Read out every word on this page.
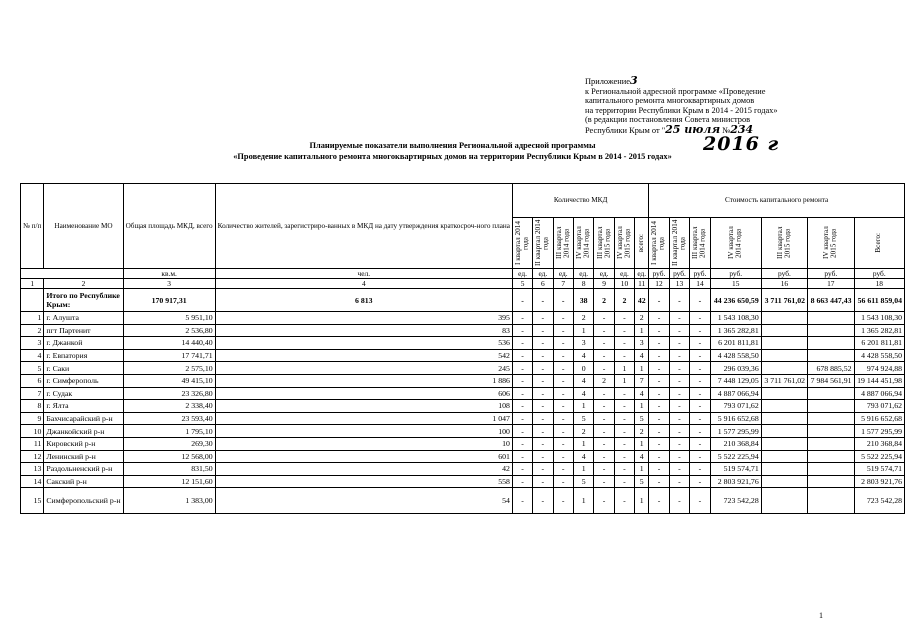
Приложение3
к Региональной адресной программе «Проведение
капитального ремонта многоквартирных домов
на территории Республики Крым в 2014 - 2015 годах»
(в редакции постановления Совета министров
Республики Крым от "25 июля №234
2016 г
Планируемые показатели выполнения Региональной адресной программы
«Проведение капитального ремонта многоквартирных домов на территории Республики Крым в 2014 - 2015 годах»
№ п/п	Наименование МО	Общая площадь МКД, всего	Количество жителей, зарегистриро-ванных в МКД на дату утверждения краткосроч-ного плана	Количество МКД							Стоимость капитального ремонта						

				I квартал 2014 года	II квартал 2014 года	III квартал 2014 года	IV квартал 2014 года	III квартал 2015 года	IV квартал 2015 года	всего:	I квартал 2014 года	II квартал 2014 года	III квартал 2014 года	IV квартал 2014 года	III квартал 2015 года	IV квартал 2015 года	Всего:

		кв.м.	чел.	ед.	ед.	ед.	ед.	ед.	ед.	ед.	руб.	руб.	руб.	руб.	руб.	руб.	руб.
1	2	3	4	5	6	7	8	9	10	11	12	13	14	15	16	17	18
	Итого по Республике Крым:	170 917,31	6 813	-	-	-	38	2	2	42	-	-	-	44 236 650,59	3 711 761,02	8 663 447,43	56 611 859,04
1	г. Алушта	5 951,10	395	-	-	-	2	-	-	2	-	-	-	1 543 108,30			1 543 108,30
2	пгт Партенит	2 536,80	83	-	-	-	1	-	-	1	-	-	-	1 365 282,81			1 365 282,81
3	г. Джанкой	14 440,40	536	-	-	-	3	-	-	3	-	-	-	6 201 811,81			6 201 811,81
4	г. Евпатория	17 741,71	542	-	-	-	4	-	-	4	-	-	-	4 428 558,50			4 428 558,50
5	г. Саки	2 575,10	245	-	-	-	0	-	1	1	-	-	-	296 039,36		678 885,52	974 924,88
6	г. Симферополь	49 415,10	1 886	-	-	-	4	2	1	7	-	-	-	7 448 129,05	3 711 761,02	7 984 561,91	19 144 451,98
7	г. Судак	23 326,80	606	-	-	-	4	-	-	4	-	-	-	4 887 066,94			4 887 066,94
8	г. Ялта	2 338,40	108	-	-	-	1	-	-	1	-	-	-	793 071,62			793 071,62
9	Бахчисарайский р-н	23 593,40	1 047	-	-	-	5	-	-	5	-	-	-	5 916 652,68			5 916 652,68
10	Джанкойский р-н	1 795,10	100	-	-	-	2	-	-	2	-	-	-	1 577 295,99			1 577 295,99
11	Кировский р-н	269,30	10	-	-	-	1	-	-	1	-	-	-	210 368,84			210 368,84
12	Ленинский р-н	12 568,00	601	-	-	-	4	-	-	4	-	-	-	5 522 225,94			5 522 225,94
13	Раздольненский р-н	831,50	42	-	-	-	1	-	-	1	-	-	-	519 574,71			519 574,71
14	Сакский р-н	12 151,60	558	-	-	-	5	-	-	5	-	-	-	2 803 921,76			2 803 921,76
15	Симферопольский р-н	1 383,00	54	-	-	-	1	-	-	1	-	-	-	723 542,28			723 542,28
1
